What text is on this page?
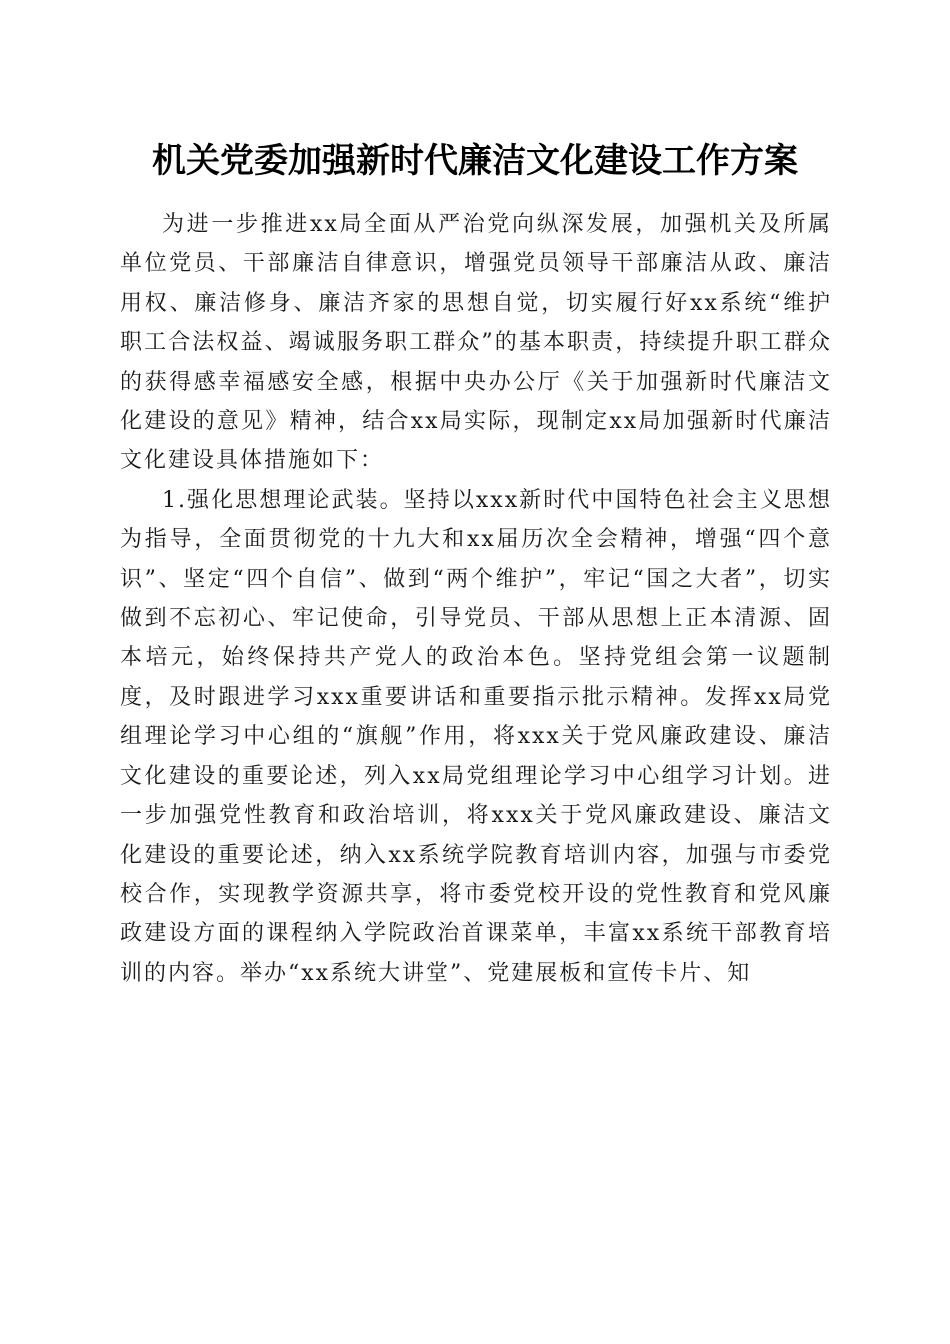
机关党委加强新时代廉洁文化建设工作方案

为进一步推进xx局全面从严治党向纵深发展，加强机关及所属单位党员、干部廉洁自律意识，增强党员领导干部廉洁从政、廉洁用权、廉洁修身、廉洁齐家的思想自觉，切实履行好xx系统“维护职工合法权益、竭诚服务职工群众”的基本职责，持续提升职工群众的获得感幸福感安全感，根据中央办公厅《关于加强新时代廉洁文化建设的意见》精神，结合xx局实际，现制定xx局加强新时代廉洁文化建设具体措施如下：

1.强化思想理论武装。坚持以xxx新时代中国特色社会主义思想为指导，全面贯彻党的十九大和xx届历次全会精神，增强“四个意识”、坚定“四个自信”、做到“两个维护”，牢记“国之大者”，切实做到不忘初心、牢记使命，引导党员、干部从思想上正本清源、固本培元，始终保持共产党人的政治本色。坚持党组会第一议题制度，及时跟进学习xxx重要讲话和重要指示批示精神。发挥xx局党组理论学习中心组的“旗舰”作用，将xxx关于党风廉政建设、廉洁文化建设的重要论述，列入xx局党组理论学习中心组学习计划。进一步加强党性教育和政治培训，将xxx关于党风廉政建设、廉洁文化建设的重要论述，纳入xx系统学院教育培训内容，加强与市委党校合作，实现教学资源共享，将市委党校开设的党性教育和党风廉政建设方面的课程纳入学院政治首课菜单，丰富xx系统干部教育培训的内容。举办“xx系统大讲堂”、党建展板和宣传卡片、知
